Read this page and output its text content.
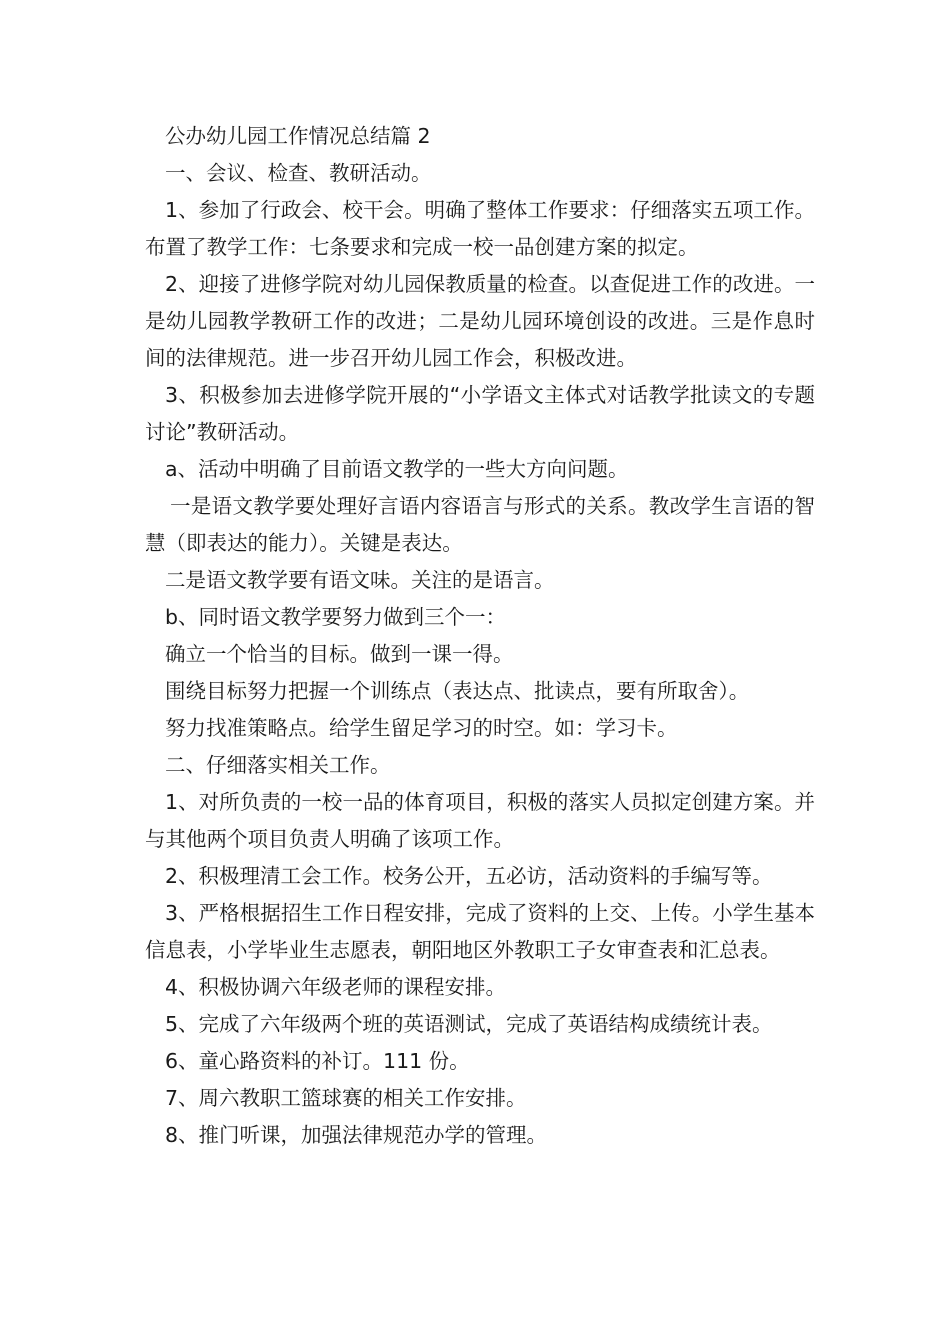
公办幼儿园工作情况总结篇 2

一、会议、检查、教研活动。

1、参加了行政会、校干会。明确了整体工作要求：仔细落实五项工作。布置了教学工作：七条要求和完成一校一品创建方案的拟定。

2、迎接了进修学院对幼儿园保教质量的检查。以查促进工作的改进。一是幼儿园教学教研工作的改进；二是幼儿园环境创设的改进。三是作息时间的法律规范。进一步召开幼儿园工作会，积极改进。

3、积极参加去进修学院开展的“小学语文主体式对话教学批读文的专题讨论”教研活动。

a、活动中明确了目前语文教学的一些大方向问题。

一是语文教学要处理好言语内容语言与形式的关系。教改学生言语的智慧（即表达的能力）。关键是表达。

二是语文教学要有语文味。关注的是语言。

b、同时语文教学要努力做到三个一：

确立一个恰当的目标。做到一课一得。

围绕目标努力把握一个训练点（表达点、批读点，要有所取舍）。

努力找准策略点。给学生留足学习的时空。如：学习卡。

二、仔细落实相关工作。

1、对所负责的一校一品的体育项目，积极的落实人员拟定创建方案。并与其他两个项目负责人明确了该项工作。

2、积极理清工会工作。校务公开，五必访，活动资料的手编写等。

3、严格根据招生工作日程安排，完成了资料的上交、上传。小学生基本信息表，小学毕业生志愿表，朝阳地区外教职工子女审查表和汇总表。

4、积极协调六年级老师的课程安排。

5、完成了六年级两个班的英语测试，完成了英语结构成绩统计表。

6、童心路资料的补订。111 份。

7、周六教职工篮球赛的相关工作安排。

8、推门听课，加强法律规范办学的管理。
